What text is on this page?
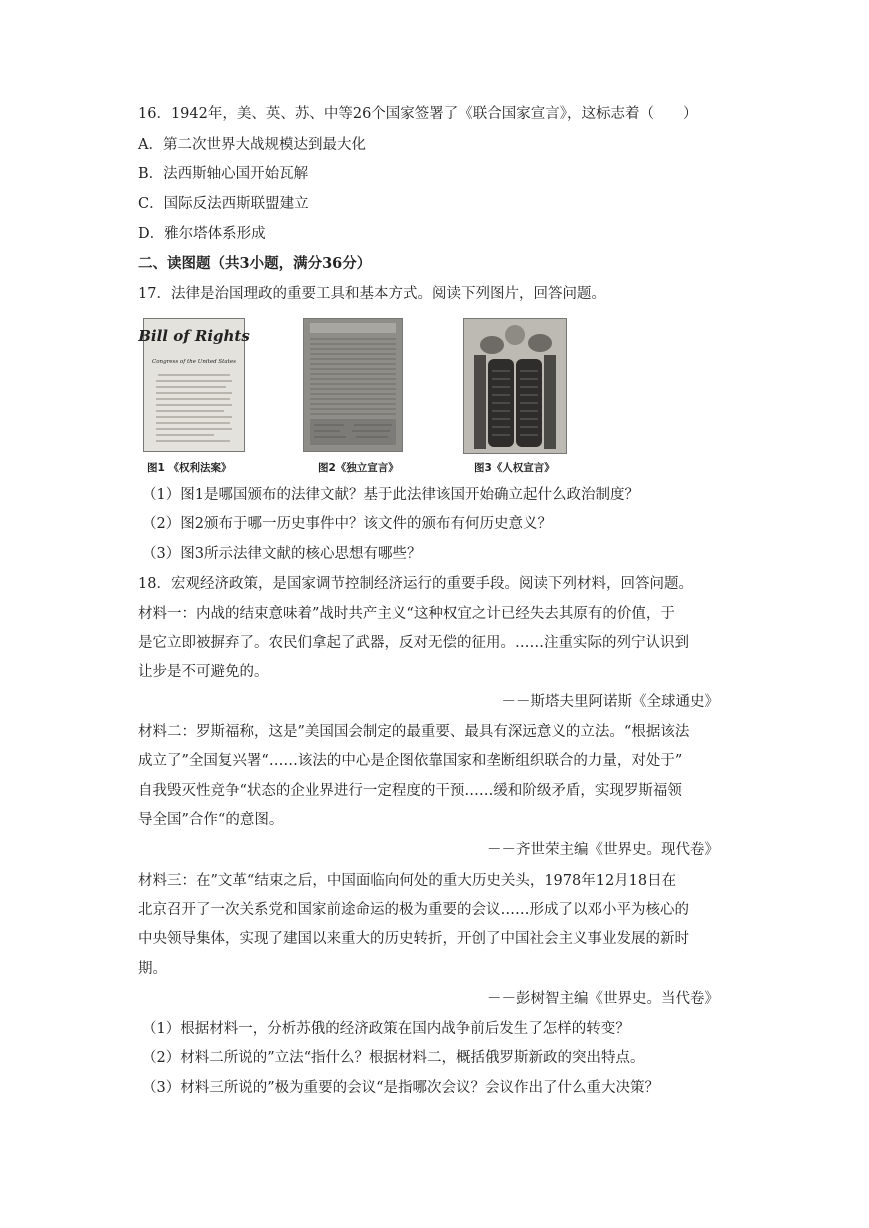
16．1942年，美、英、苏、中等26个国家签署了《联合国家宣言》，这标志着（　　）
A．第二次世界大战规模达到最大化
B．法西斯轴心国开始瓦解
C．国际反法西斯联盟建立
D．雅尔塔体系形成
二、读图题（共3小题，满分36分）
17．法律是治国理政的重要工具和基本方式。阅读下列图片，回答问题。
Bill of Rights
Congress of the United States
图1 《权利法案》	图2《独立宣言》	图3《人权宣言》
（1）图1是哪国颁布的法律文献？基于此法律该国开始确立起什么政治制度？
（2）图2颁布于哪一历史事件中？该文件的颁布有何历史意义？
（3）图3所示法律文献的核心思想有哪些？
18．宏观经济政策，是国家调节控制经济运行的重要手段。阅读下列材料，回答问题。
材料一：内战的结束意味着”战时共产主义“这种权宜之计已经失去其原有的价值，于
是它立即被摒弃了。农民们拿起了武器，反对无偿的征用。……注重实际的列宁认识到
让步是不可避免的。
－－斯塔夫里阿诺斯《全球通史》
材料二：罗斯福称，这是”美国国会制定的最重要、最具有深远意义的立法。“根据该法
成立了”全国复兴署“……该法的中心是企图依靠国家和垄断组织联合的力量，对处于”
自我毁灭性竞争“状态的企业界进行一定程度的干预……缓和阶级矛盾，实现罗斯福领
导全国”合作“的意图。
－－齐世荣主编《世界史。现代卷》
材料三：在”文革“结束之后，中国面临向何处的重大历史关头，1978年12月18日在
北京召开了一次关系党和国家前途命运的极为重要的会议……形成了以邓小平为核心的
中央领导集体，实现了建国以来重大的历史转折，开创了中国社会主义事业发展的新时
期。
－－彭树智主编《世界史。当代卷》
（1）根据材料一，分析苏俄的经济政策在国内战争前后发生了怎样的转变？
（2）材料二所说的”立法“指什么？根据材料二，概括俄罗斯新政的突出特点。
（3）材料三所说的”极为重要的会议“是指哪次会议？会议作出了什么重大决策？
